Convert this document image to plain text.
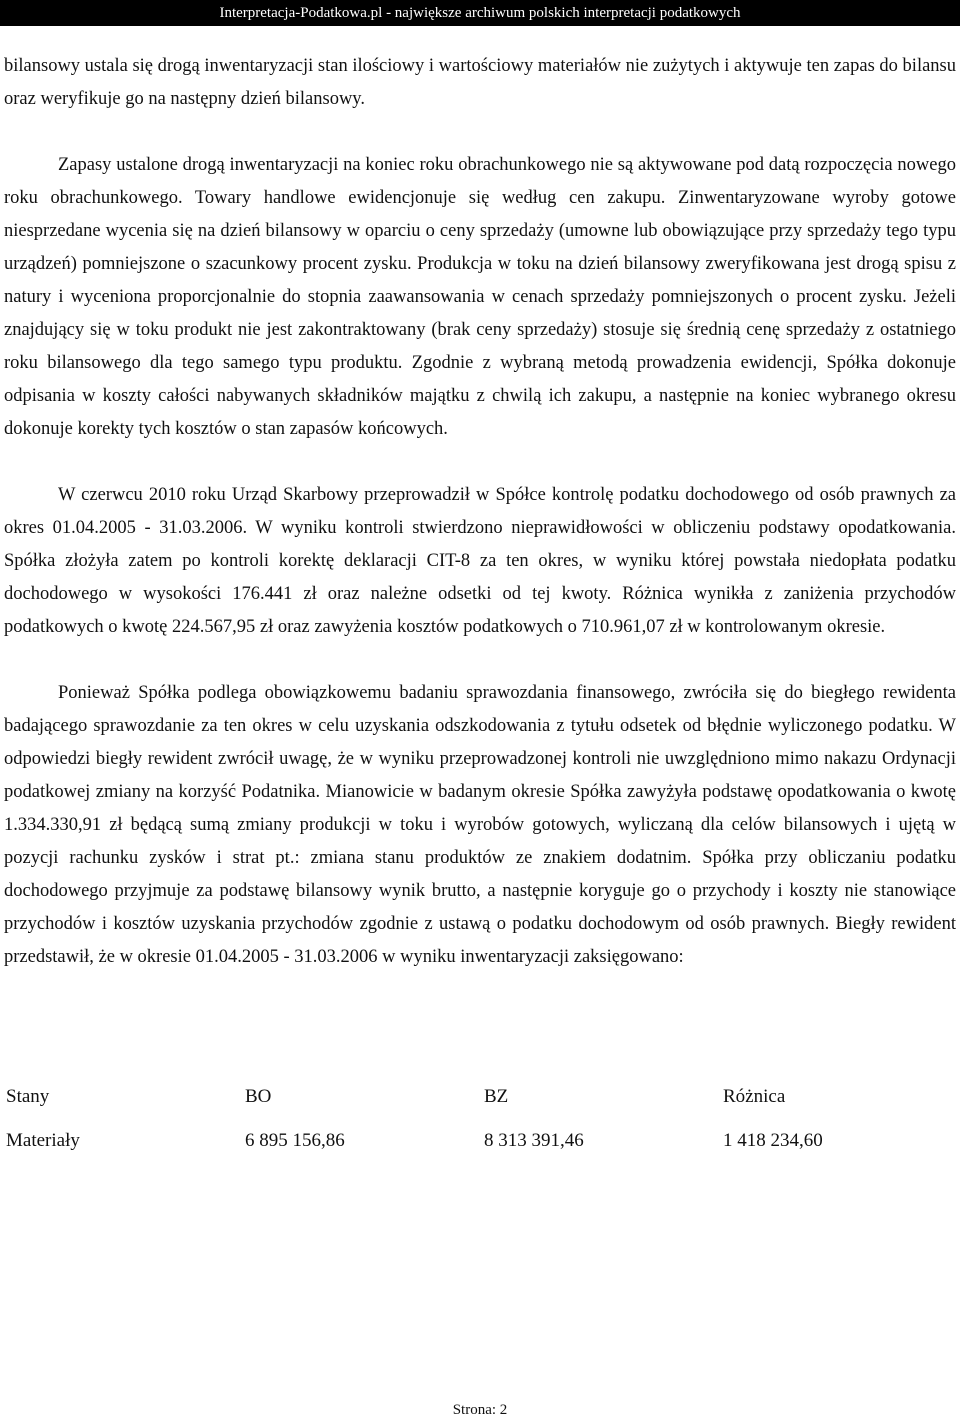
Interpretacja-Podatkowa.pl - największe archiwum polskich interpretacji podatkowych

bilansowy ustala się drogą inwentaryzacji stan ilościowy i wartościowy materiałów nie zużytych i aktywuje ten zapas do bilansu oraz weryfikuje go na następny dzień bilansowy.

Zapasy ustalone drogą inwentaryzacji na koniec roku obrachunkowego nie są aktywowane pod datą rozpoczęcia nowego roku obrachunkowego. Towary handlowe ewidencjonuje się według cen zakupu. Zinwentaryzowane wyroby gotowe niesprzedane wycenia się na dzień bilansowy w oparciu o ceny sprzedaży (umowne lub obowiązujące przy sprzedaży tego typu urządzeń) pomniejszone o szacunkowy procent zysku. Produkcja w toku na dzień bilansowy zweryfikowana jest drogą spisu z natury i wyceniona proporcjonalnie do stopnia zaawansowania w cenach sprzedaży pomniejszonych o procent zysku. Jeżeli znajdujący się w toku produkt nie jest zakontraktowany (brak ceny sprzedaży) stosuje się średnią cenę sprzedaży z ostatniego roku bilansowego dla tego samego typu produktu. Zgodnie z wybraną metodą prowadzenia ewidencji, Spółka dokonuje odpisania w koszty całości nabywanych składników majątku z chwilą ich zakupu, a następnie na koniec wybranego okresu dokonuje korekty tych kosztów o stan zapasów końcowych.

W czerwcu 2010 roku Urząd Skarbowy przeprowadził w Spółce kontrolę podatku dochodowego od osób prawnych za okres 01.04.2005 - 31.03.2006. W wyniku kontroli stwierdzono nieprawidłowości w obliczeniu podstawy opodatkowania. Spółka złożyła zatem po kontroli korektę deklaracji CIT-8 za ten okres, w wyniku której powstała niedopłata podatku dochodowego w wysokości 176.441 zł oraz należne odsetki od tej kwoty. Różnica wynikła z zaniżenia przychodów podatkowych o kwotę 224.567,95 zł oraz zawyżenia kosztów podatkowych o 710.961,07 zł w kontrolowanym okresie.

Ponieważ Spółka podlega obowiązkowemu badaniu sprawozdania finansowego, zwróciła się do biegłego rewidenta badającego sprawozdanie za ten okres w celu uzyskania odszkodowania z tytułu odsetek od błędnie wyliczonego podatku. W odpowiedzi biegły rewident zwrócił uwagę, że w wyniku przeprowadzonej kontroli nie uwzględniono mimo nakazu Ordynacji podatkowej zmiany na korzyść Podatnika. Mianowicie w badanym okresie Spółka zawyżyła podstawę opodatkowania o kwotę 1.334.330,91 zł będącą sumą zmiany produkcji w toku i wyrobów gotowych, wyliczaną dla celów bilansowych i ujętą w pozycji rachunku zysków i strat pt.: zmiana stanu produktów ze znakiem dodatnim. Spółka przy obliczaniu podatku dochodowego przyjmuje za podstawę bilansowy wynik brutto, a następnie koryguje go o przychody i koszty nie stanowiące przychodów i kosztów uzyskania przychodów zgodnie z ustawą o podatku dochodowym od osób prawnych. Biegły rewident przedstawił, że w okresie 01.04.2005 - 31.03.2006 w wyniku inwentaryzacji zaksięgowano:

Stany	BO	BZ	Różnica
Materiały	6 895 156,86	8 313 391,46	1 418 234,60
Strona: 2
